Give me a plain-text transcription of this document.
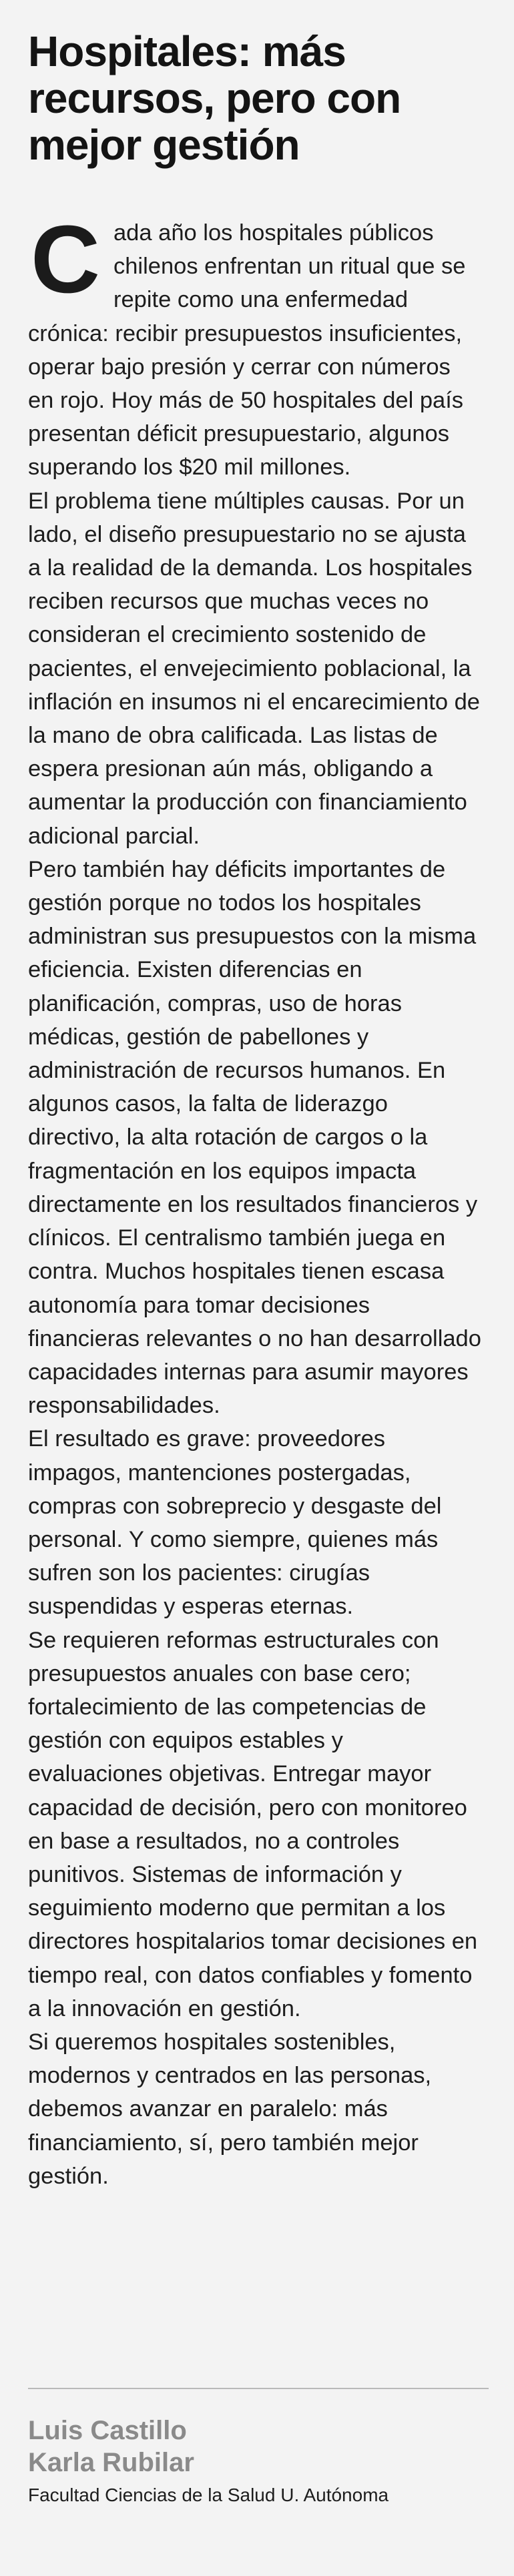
Hospitales: más recursos, pero con mejor gestión

C ada año los hospitales públicos chilenos enfrentan un ritual que se repite como una enfermedad crónica: recibir presupuestos insuficientes, operar bajo presión y cerrar con números en rojo. Hoy más de 50 hospitales del país presentan déficit presupuestario, algunos superando los $20 mil millones.

El problema tiene múltiples causas. Por un lado, el diseño presupuestario no se ajusta a la realidad de la demanda. Los hospitales reciben recursos que muchas veces no consideran el crecimiento sostenido de pacientes, el envejecimiento poblacional, la inflación en insumos ni el encarecimiento de la mano de obra calificada. Las listas de espera presionan aún más, obligando a aumentar la producción con financiamiento adicional parcial.

Pero también hay déficits importantes de gestión porque no todos los hospitales administran sus presupuestos con la misma eficiencia. Existen diferencias en planificación, compras, uso de horas médicas, gestión de pabellones y administración de recursos humanos. En algunos casos, la falta de liderazgo directivo, la alta rotación de cargos o la fragmentación en los equipos impacta directamente en los resultados financieros y clínicos. El centralismo también juega en contra. Muchos hospitales tienen escasa autonomía para tomar decisiones financieras relevantes o no han desarrollado capacidades internas para asumir mayores responsabilidades.

El resultado es grave: proveedores impagos, mantenciones postergadas, compras con sobreprecio y desgaste del personal. Y como siempre, quienes más sufren son los pacientes: cirugías suspendidas y esperas eternas.

Se requieren reformas estructurales con presupuestos anuales con base cero; fortalecimiento de las competencias de gestión con equipos estables y evaluaciones objetivas. Entregar mayor capacidad de decisión, pero con monitoreo en base a resultados, no a controles punitivos. Sistemas de información y seguimiento moderno que permitan a los directores hospitalarios tomar decisiones en tiempo real, con datos confiables y fomento a la innovación en gestión.

Si queremos hospitales sostenibles, modernos y centrados en las personas, debemos avanzar en paralelo: más financiamiento, sí, pero también mejor gestión.

Luis Castillo

Karla Rubilar

Facultad Ciencias de la Salud U. Autónoma
